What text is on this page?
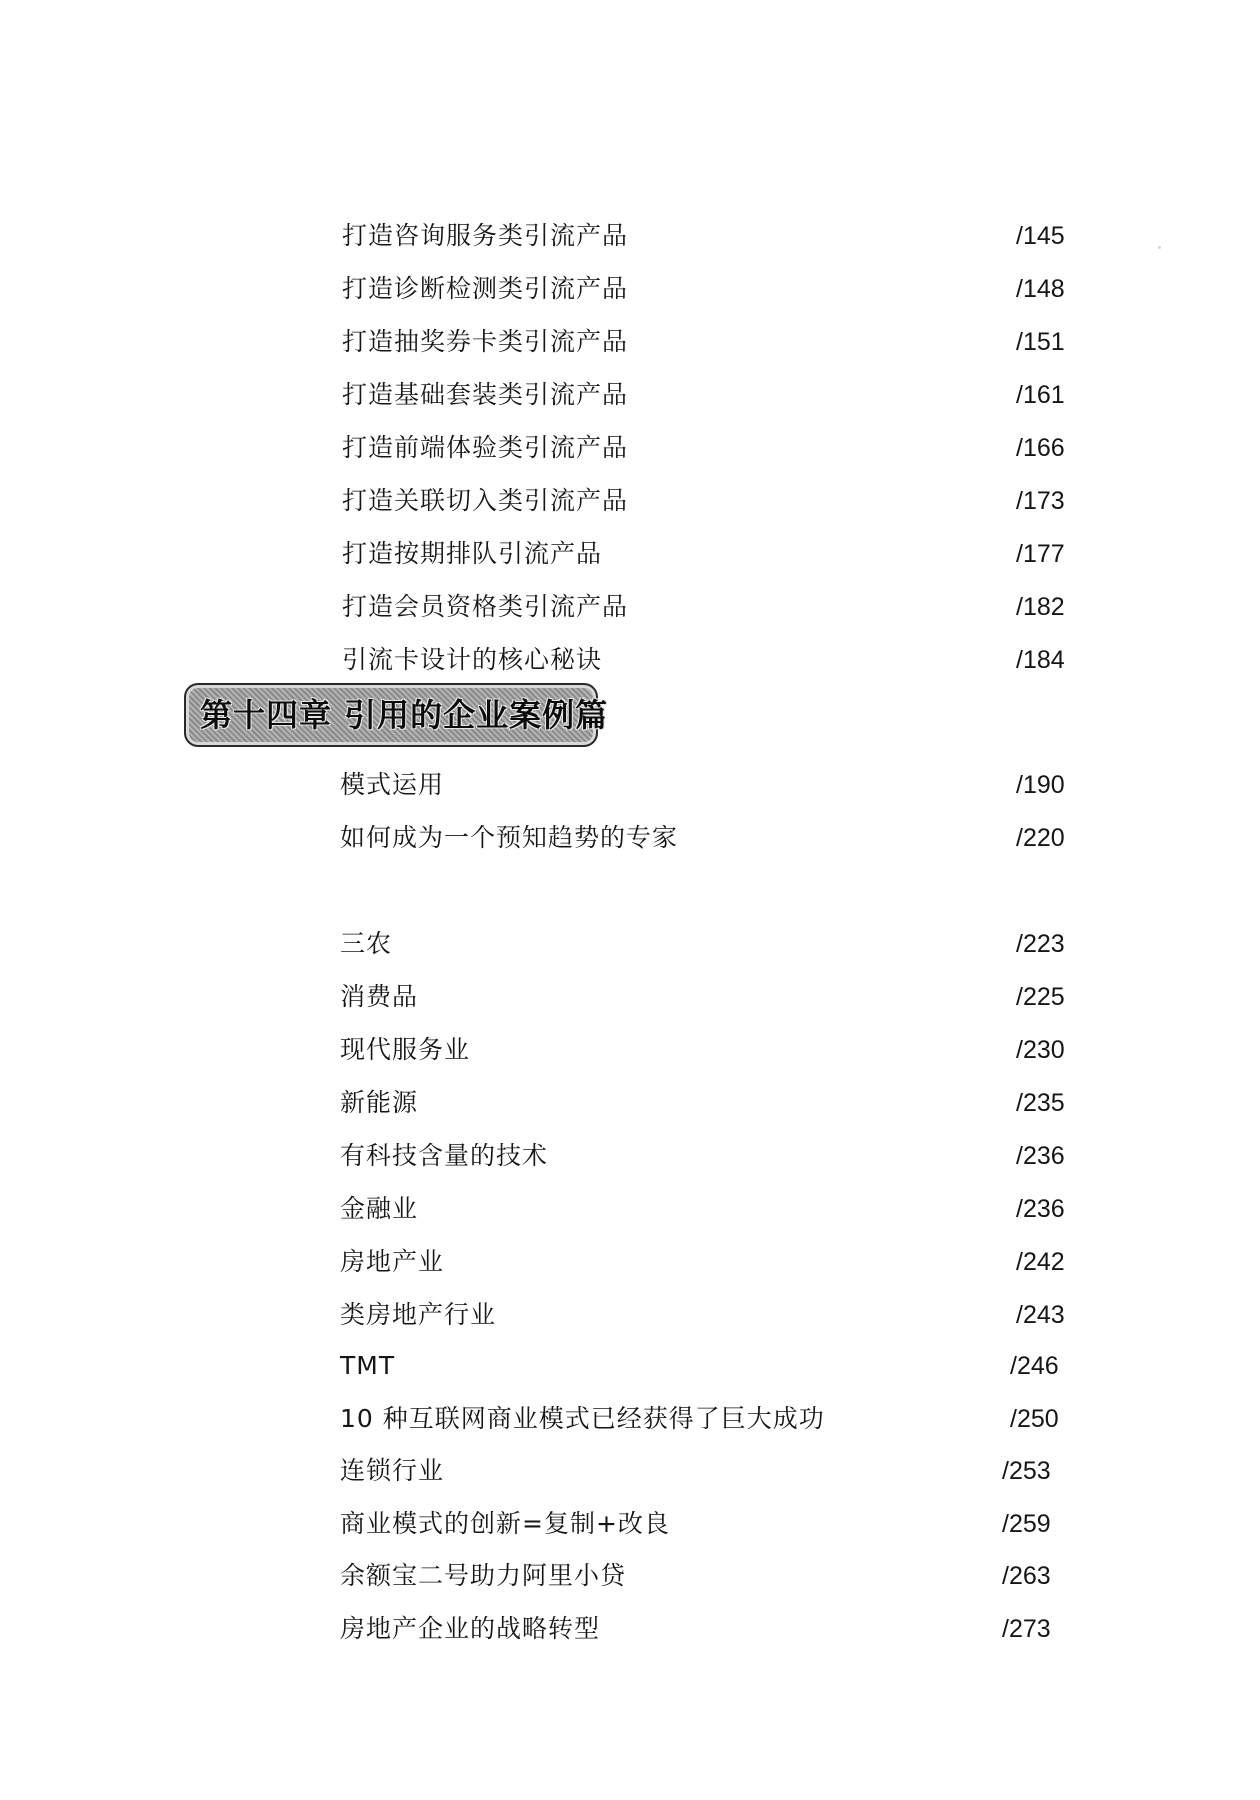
打造咨询服务类引流产品	/145
打造诊断检测类引流产品	/148
打造抽奖券卡类引流产品	/151
打造基础套装类引流产品	/161
打造前端体验类引流产品	/166
打造关联切入类引流产品	/173
打造按期排队引流产品	/177
打造会员资格类引流产品	/182
引流卡设计的核心秘诀	/184
第十四章 引用的企业案例篇
模式运用	/190
如何成为一个预知趋势的专家	/220
三农	/223
消费品	/225
现代服务业	/230
新能源	/235
有科技含量的技术	/236
金融业	/236
房地产业	/242
类房地产行业	/243
TMT	/246
10 种互联网商业模式已经获得了巨大成功	/250
连锁行业	/253
商业模式的创新=复制+改良	/259
余额宝二号助力阿里小贷	/263
房地产企业的战略转型	/273
